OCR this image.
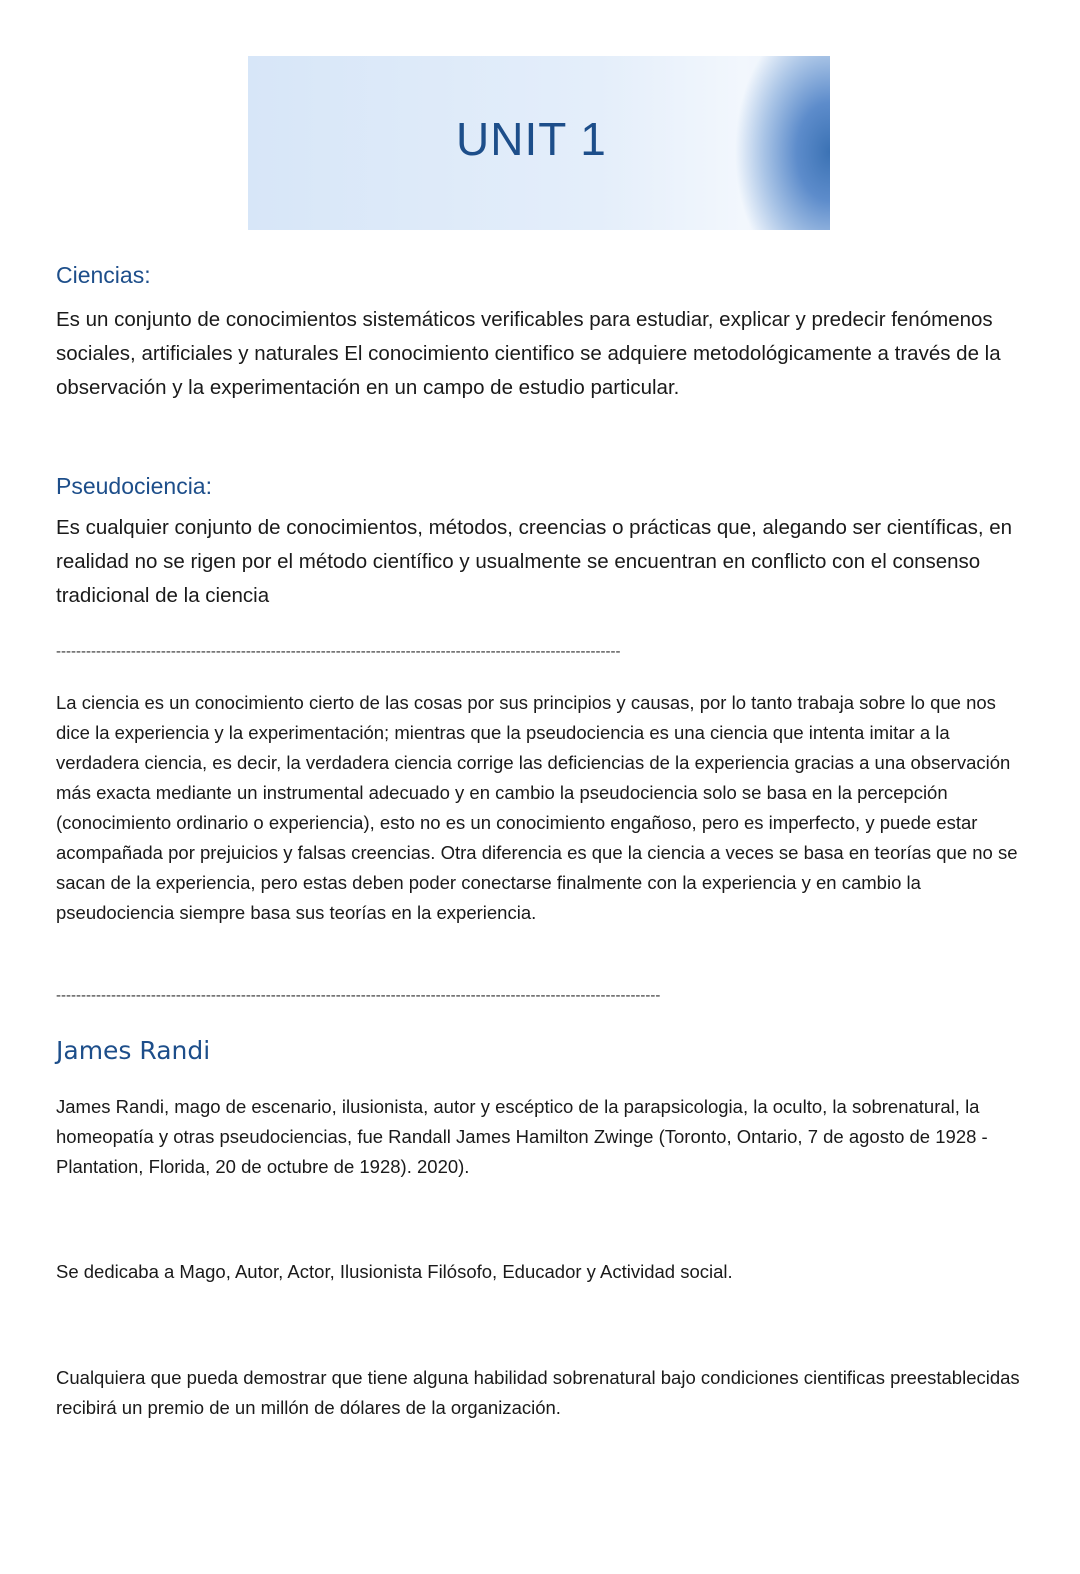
UNIT 1
Ciencias:

Es un conjunto de conocimientos sistemáticos verificables para estudiar, explicar y predecir fenómenos sociales, artificiales y naturales El conocimiento cientifico se adquiere metodológicamente a través de la observación y la experimentación en un campo de estudio particular.

Pseudociencia:

Es cualquier conjunto de conocimientos, métodos, creencias o prácticas que, alegando ser científicas, en realidad no se rigen por el método científico y usualmente se encuentran en conflicto con el consenso tradicional de la ciencia

-----------------------------------------------------------------------------------------------------------------

La ciencia es un conocimiento cierto de las cosas por sus principios y causas, por lo tanto trabaja sobre lo que nos dice la experiencia y la experimentación; mientras que la pseudociencia es una ciencia que intenta imitar a la verdadera ciencia, es decir, la verdadera ciencia corrige las deficiencias de la experiencia gracias a una observación más exacta mediante un instrumental adecuado y en cambio la pseudociencia solo se basa en la percepción (conocimiento ordinario o experiencia), esto no es un conocimiento engañoso, pero es imperfecto, y puede estar acompañada por prejuicios y falsas creencias. Otra diferencia es que la ciencia a veces se basa en teorías que no se sacan de la experiencia, pero estas deben poder conectarse finalmente con la experiencia y en cambio la pseudociencia siempre basa sus teorías en la experiencia.

-------------------------------------------------------------------------------------------------------------------------
James Randi

James Randi, mago de escenario, ilusionista, autor y escéptico de la parapsicologia, la oculto, la sobrenatural, la homeopatía y otras pseudociencias, fue Randall James Hamilton Zwinge (Toronto, Ontario, 7 de agosto de 1928 - Plantation, Florida, 20 de octubre de 1928). 2020).

Se dedicaba a Mago, Autor, Actor, Ilusionista Filósofo, Educador y Actividad social.

Cualquiera que pueda demostrar que tiene alguna habilidad sobrenatural bajo condiciones cientificas preestablecidas recibirá un premio de un millón de dólares de la organización.
